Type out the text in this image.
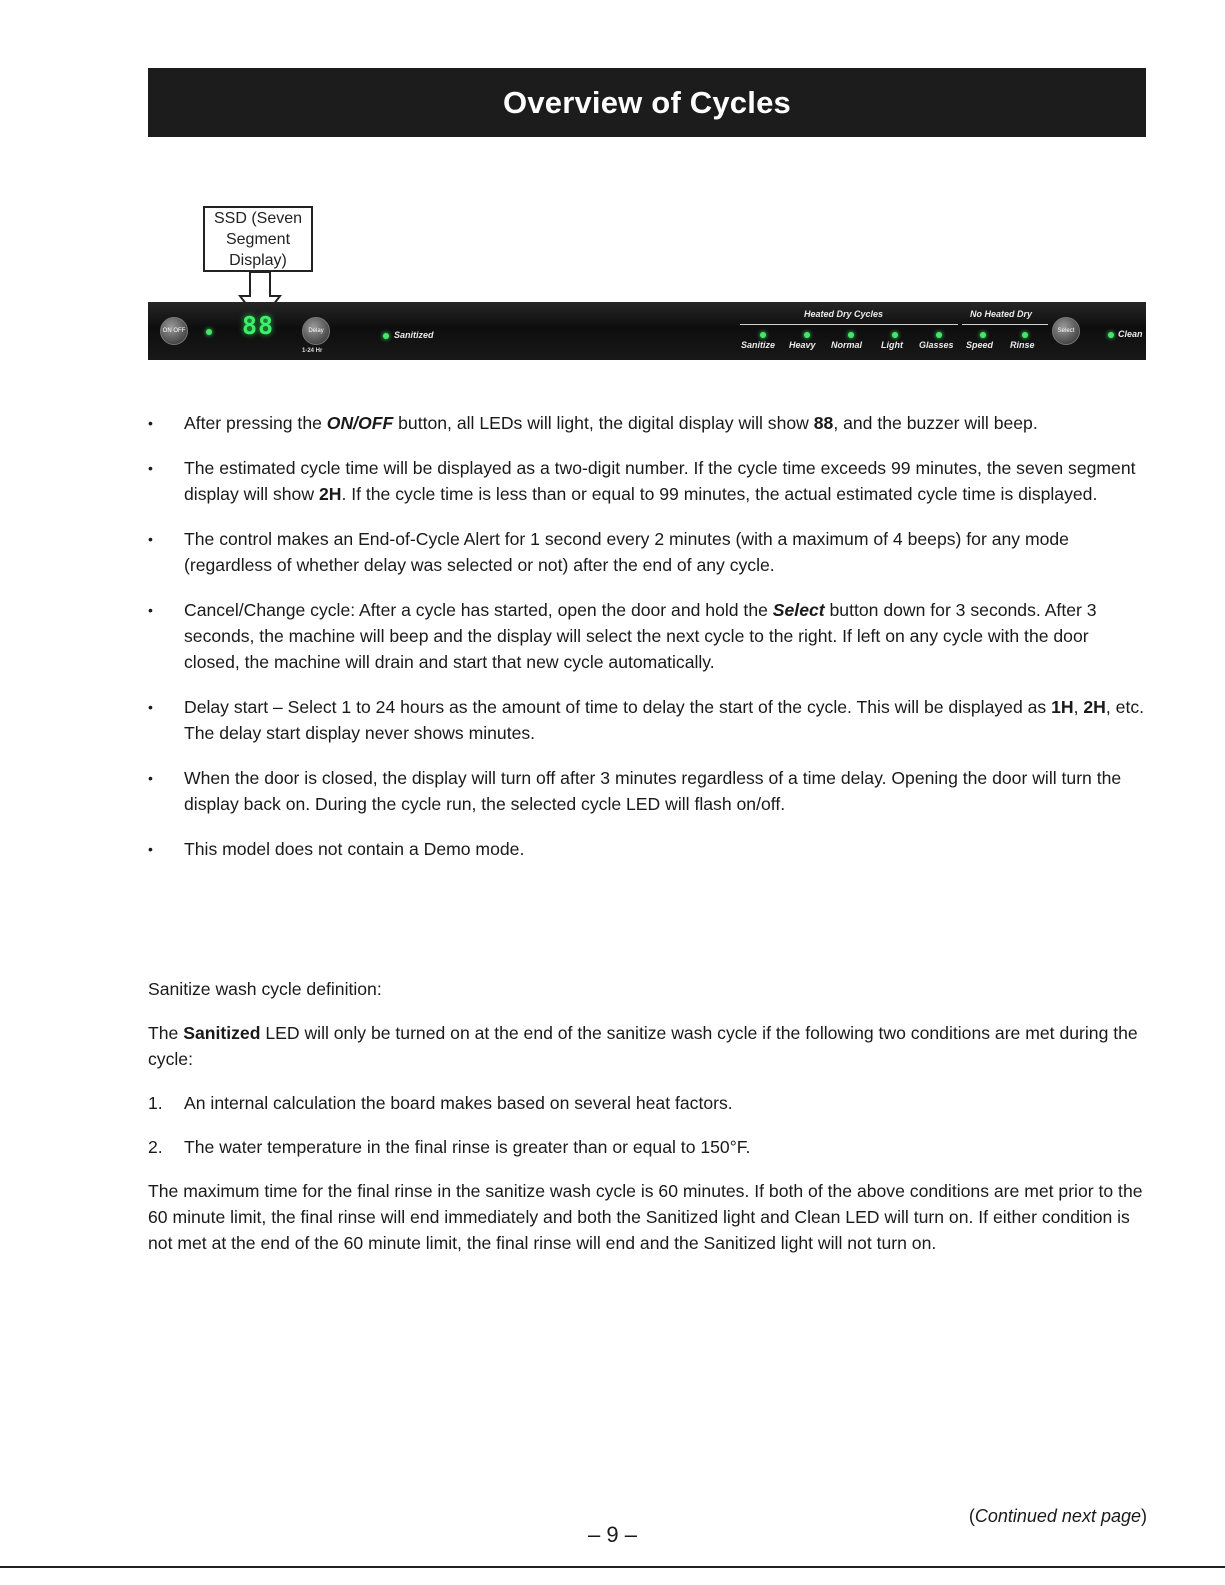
Overview of Cycles
SSD (Seven Segment Display)
ON OFF 88	Delay
1-24 Hr
Sanitized
Heated Dry Cycles	No Heated Dry
Sanitize Heavy Normal Light Glasses Speed Rinse
Select	Clean
• After pressing the ON/OFF button, all LEDs will light, the digital display will show 88, and the buzzer will beep.
• The estimated cycle time will be displayed as a two-digit number. If the cycle time exceeds 99 minutes, the seven segment display will show 2H. If the cycle time is less than or equal to 99 minutes, the actual estimated cycle time is displayed.
• The control makes an End-of-Cycle Alert for 1 second every 2 minutes (with a maximum of 4 beeps) for any mode (regardless of whether delay was selected or not) after the end of any cycle.
• Cancel/Change cycle: After a cycle has started, open the door and hold the Select button down for 3 seconds. After 3 seconds, the machine will beep and the display will select the next cycle to the right. If left on any cycle with the door closed, the machine will drain and start that new cycle automatically.
• Delay start – Select 1 to 24 hours as the amount of time to delay the start of the cycle. This will be displayed as 1H, 2H, etc. The delay start display never shows minutes.
• When the door is closed, the display will turn off after 3 minutes regardless of a time delay. Opening the door will turn the display back on. During the cycle run, the selected cycle LED will flash on/off.
• This model does not contain a Demo mode.

Sanitize wash cycle definition:

The Sanitized LED will only be turned on at the end of the sanitize wash cycle if the following two conditions are met during the cycle:

1. An internal calculation the board makes based on several heat factors.
2. The water temperature in the final rinse is greater than or equal to 150°F.

The maximum time for the final rinse in the sanitize wash cycle is 60 minutes. If both of the above conditions are met prior to the 60 minute limit, the final rinse will end immediately and both the Sanitized light and Clean LED will turn on. If either condition is not met at the end of the 60 minute limit, the final rinse will end and the Sanitized light will not turn on.

(Continued next page)
– 9 –
